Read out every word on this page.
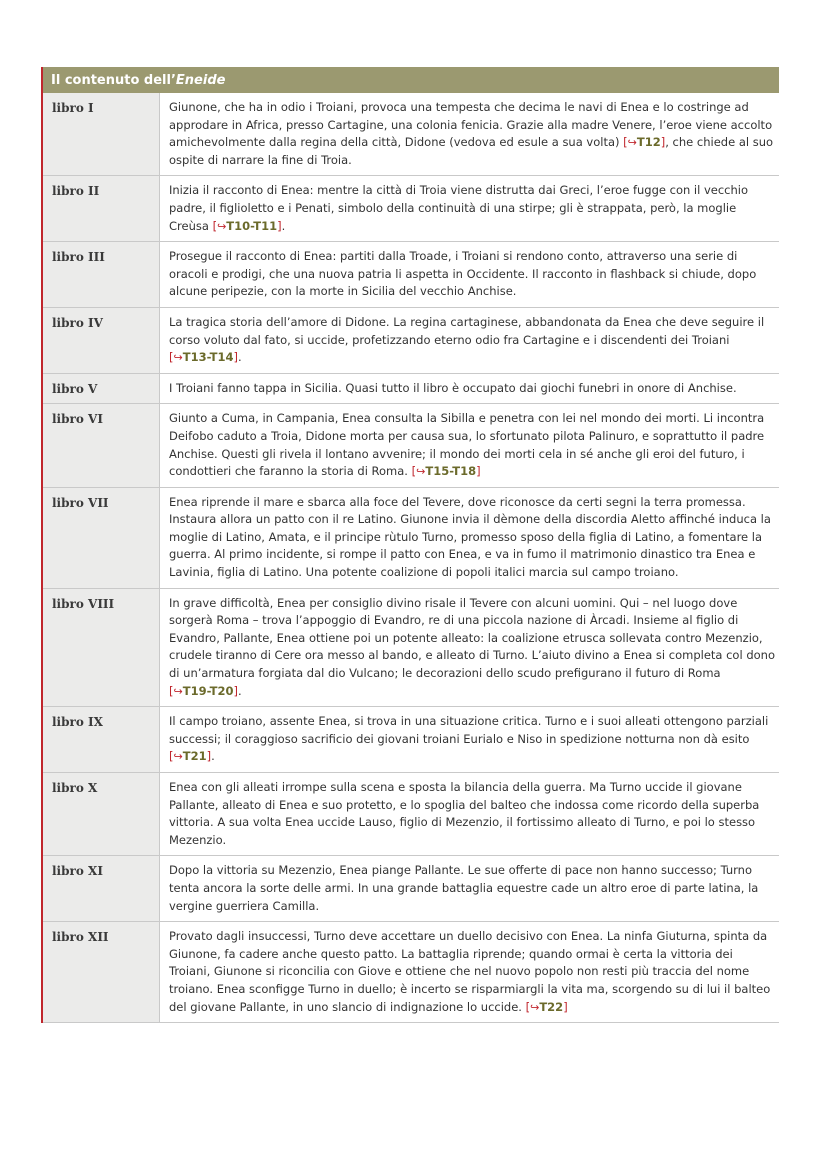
Il contenuto dell’ Eneide
libro I	Giunone, che ha in odio i Troiani, provoca una tempesta che decima le navi di Enea e lo costringe ad approdare in Africa, presso Cartagine, una colonia fenicia. Grazie alla madre Venere, l’eroe viene accolto amichevolmente dalla regina della città, Didone (vedova ed esule a sua volta) [↪T12], che chiede al suo ospite di narrare la fine di Troia.
libro II	Inizia il racconto di Enea: mentre la città di Troia viene distrutta dai Greci, l’eroe fugge con il vecchio padre, il figlioletto e i Penati, simbolo della continuità di una stirpe; gli è strappata, però, la moglie Creùsa [↪T10-T11].
libro III	Prosegue il racconto di Enea: partiti dalla Troade, i Troiani si rendono conto, attraverso una serie di oracoli e prodigi, che una nuova patria li aspetta in Occidente. Il racconto in flashback si chiude, dopo alcune peripezie, con la morte in Sicilia del vecchio Anchise.
libro IV	La tragica storia dell’amore di Didone. La regina cartaginese, abbandonata da Enea che deve seguire il corso voluto dal fato, si uccide, profetizzando eterno odio fra Cartagine e i discendenti dei Troiani [↪T13-T14].
libro V	I Troiani fanno tappa in Sicilia. Quasi tutto il libro è occupato dai giochi funebri in onore di Anchise.
libro VI	Giunto a Cuma, in Campania, Enea consulta la Sibilla e penetra con lei nel mondo dei morti. Li incontra Deifobo caduto a Troia, Didone morta per causa sua, lo sfortunato pilota Palinuro, e soprattutto il padre Anchise. Questi gli rivela il lontano avvenire; il mondo dei morti cela in sé anche gli eroi del futuro, i condottieri che faranno la storia di Roma. [↪T15-T18]
libro VII	Enea riprende il mare e sbarca alla foce del Tevere, dove riconosce da certi segni la terra promessa. Instaura allora un patto con il re Latino. Giunone invia il dèmone della discordia Aletto affinché induca la moglie di Latino, Amata, e il principe rùtulo Turno, promesso sposo della figlia di Latino, a fomentare la guerra. Al primo incidente, si rompe il patto con Enea, e va in fumo il matrimonio dinastico tra Enea e Lavinia, figlia di Latino. Una potente coalizione di popoli italici marcia sul campo troiano.
libro VIII	In grave difficoltà, Enea per consiglio divino risale il Tevere con alcuni uomini. Qui – nel luogo dove sorgerà Roma – trova l’appoggio di Evandro, re di una piccola nazione di Àrcadi. Insieme al figlio di Evandro, Pallante, Enea ottiene poi un potente alleato: la coalizione etrusca sollevata contro Mezenzio, crudele tiranno di Cere ora messo al bando, e alleato di Turno. L’aiuto divino a Enea si completa col dono di un’armatura forgiata dal dio Vulcano; le decorazioni dello scudo prefigurano il futuro di Roma [↪T19-T20].
libro IX	Il campo troiano, assente Enea, si trova in una situazione critica. Turno e i suoi alleati ottengono parziali successi; il coraggioso sacrificio dei giovani troiani Eurialo e Niso in spedizione notturna non dà esito [↪T21].
libro X	Enea con gli alleati irrompe sulla scena e sposta la bilancia della guerra. Ma Turno uccide il giovane Pallante, alleato di Enea e suo protetto, e lo spoglia del balteo che indossa come ricordo della superba vittoria. A sua volta Enea uccide Lauso, figlio di Mezenzio, il fortissimo alleato di Turno, e poi lo stesso Mezenzio.
libro XI	Dopo la vittoria su Mezenzio, Enea piange Pallante. Le sue offerte di pace non hanno successo; Turno tenta ancora la sorte delle armi. In una grande battaglia equestre cade un altro eroe di parte latina, la vergine guerriera Camilla.
libro XII	Provato dagli insuccessi, Turno deve accettare un duello decisivo con Enea. La ninfa Giuturna, spinta da Giunone, fa cadere anche questo patto. La battaglia riprende; quando ormai è certa la vittoria dei Troiani, Giunone si riconcilia con Giove e ottiene che nel nuovo popolo non resti più traccia del nome troiano. Enea sconfigge Turno in duello; è incerto se risparmiargli la vita ma, scorgendo su di lui il balteo del giovane Pallante, in uno slancio di indignazione lo uccide. [↪T22]
